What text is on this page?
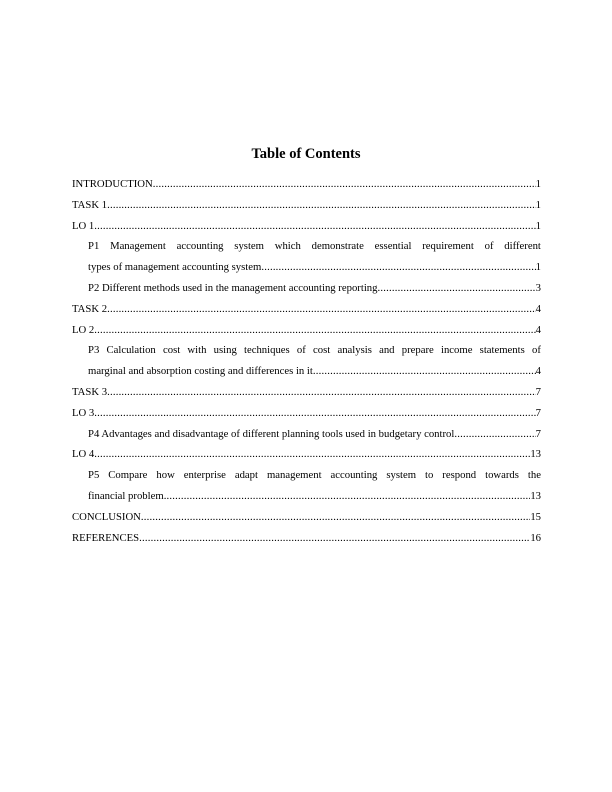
Table of Contents
INTRODUCTION .....	1
TASK 1 .....	1
LO 1 .....	1
P1 Management accounting system which demonstrate essential requirement of different
types of management accounting system .....	1
P2 Different methods used in the management accounting reporting .....	3
TASK 2 .....	4
LO 2 .....	4
P3 Calculation cost with using techniques of cost analysis and prepare income statements of
marginal and absorption costing and differences in it .....	4
TASK 3 .....	7
LO 3 .....	7
P4 Advantages and disadvantage of different planning tools used in budgetary control .....	7
LO 4 .....	13
P5 Compare how enterprise adapt management accounting system to respond towards the
financial problem .....	13
CONCLUSION .....	15
REFERENCES .....	16
